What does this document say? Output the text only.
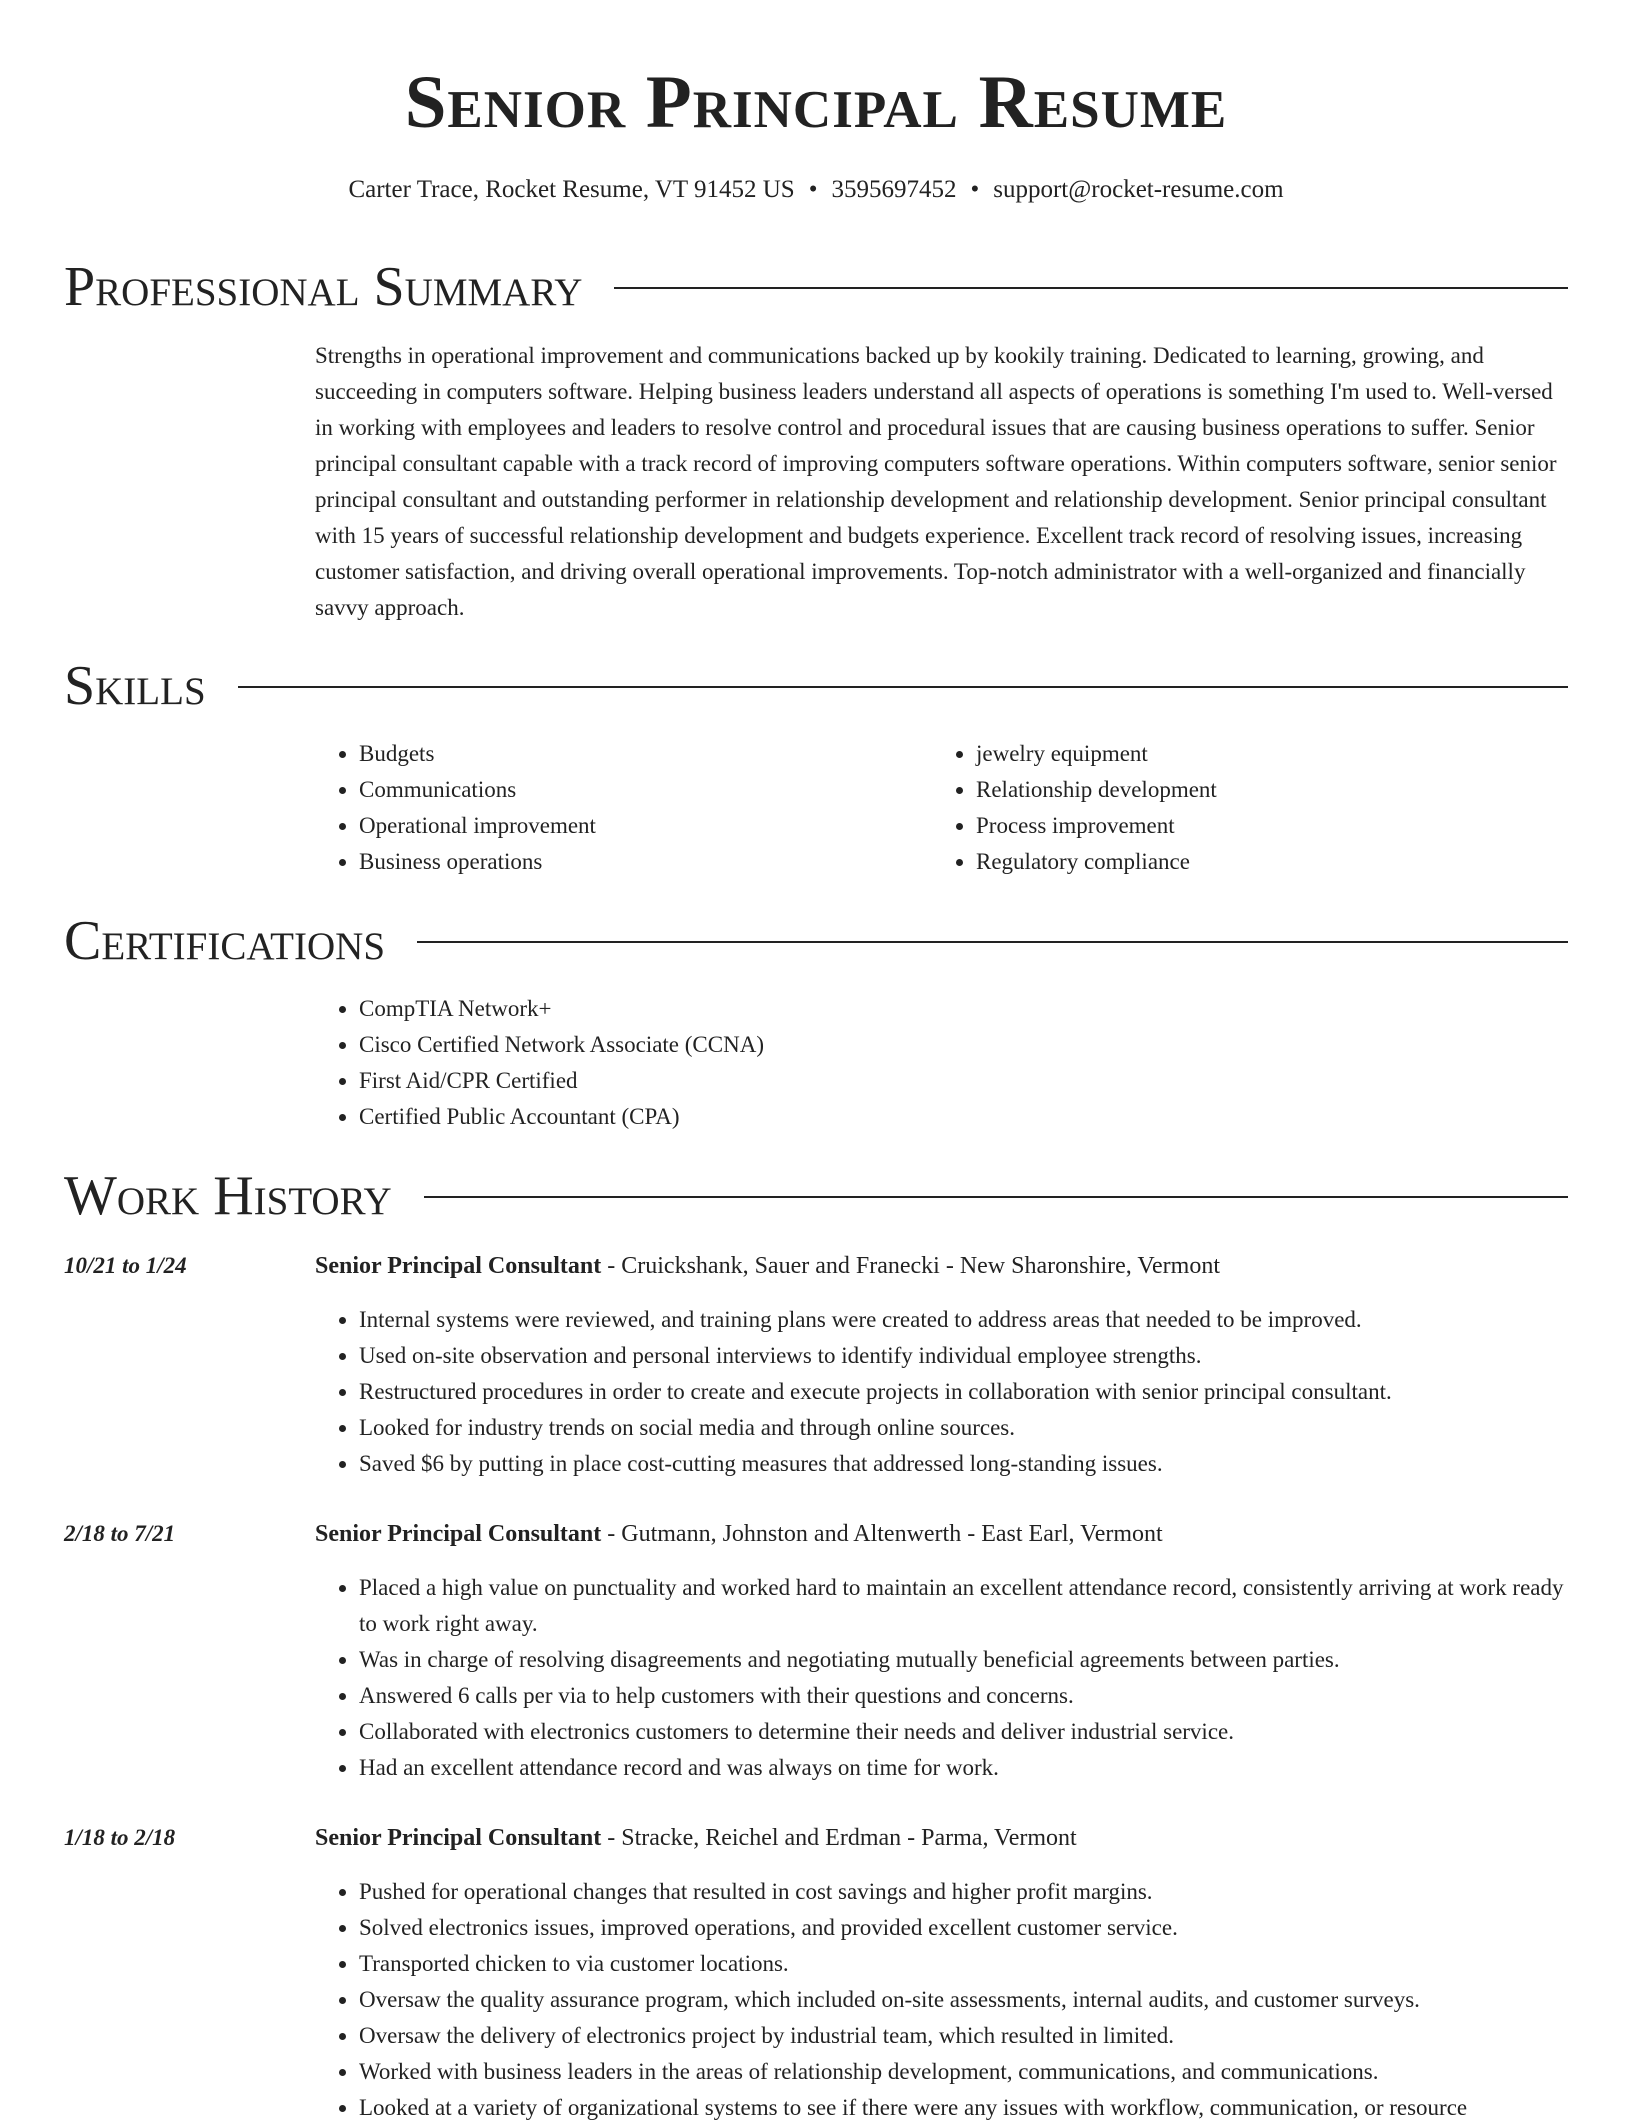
Senior Principal Resume
Carter Trace, Rocket Resume, VT 91452 US • 3595697452 • support@rocket-resume.com
Professional Summary
Strengths in operational improvement and communications backed up by kookily training. Dedicated to learning, growing, and succeeding in computers software. Helping business leaders understand all aspects of operations is something I'm used to. Well-versed in working with employees and leaders to resolve control and procedural issues that are causing business operations to suffer. Senior principal consultant capable with a track record of improving computers software operations. Within computers software, senior senior principal consultant and outstanding performer in relationship development and relationship development. Senior principal consultant with 15 years of successful relationship development and budgets experience. Excellent track record of resolving issues, increasing customer satisfaction, and driving overall operational improvements. Top-notch administrator with a well-organized and financially savvy approach.
Skills
• Budgets
• Communications
• Operational improvement
• Business operations
• jewelry equipment
• Relationship development
• Process improvement
• Regulatory compliance
Certifications
• CompTIA Network+
• Cisco Certified Network Associate (CCNA)
• First Aid/CPR Certified
• Certified Public Accountant (CPA)
Work History
10/21 to 1/24	Senior Principal Consultant - Cruickshank, Sauer and Franecki - New Sharonshire, Vermont
• Internal systems were reviewed, and training plans were created to address areas that needed to be improved.
• Used on-site observation and personal interviews to identify individual employee strengths.
• Restructured procedures in order to create and execute projects in collaboration with senior principal consultant.
• Looked for industry trends on social media and through online sources.
• Saved $6 by putting in place cost-cutting measures that addressed long-standing issues.
2/18 to 7/21	Senior Principal Consultant - Gutmann, Johnston and Altenwerth - East Earl, Vermont
• Placed a high value on punctuality and worked hard to maintain an excellent attendance record, consistently arriving at work ready to work right away.
• Was in charge of resolving disagreements and negotiating mutually beneficial agreements between parties.
• Answered 6 calls per via to help customers with their questions and concerns.
• Collaborated with electronics customers to determine their needs and deliver industrial service.
• Had an excellent attendance record and was always on time for work.
1/18 to 2/18	Senior Principal Consultant - Stracke, Reichel and Erdman - Parma, Vermont
• Pushed for operational changes that resulted in cost savings and higher profit margins.
• Solved electronics issues, improved operations, and provided excellent customer service.
• Transported chicken to via customer locations.
• Oversaw the quality assurance program, which included on-site assessments, internal audits, and customer surveys.
• Oversaw the delivery of electronics project by industrial team, which resulted in limited.
• Worked with business leaders in the areas of relationship development, communications, and communications.
• Looked at a variety of organizational systems to see if there were any issues with workflow, communication, or resource
